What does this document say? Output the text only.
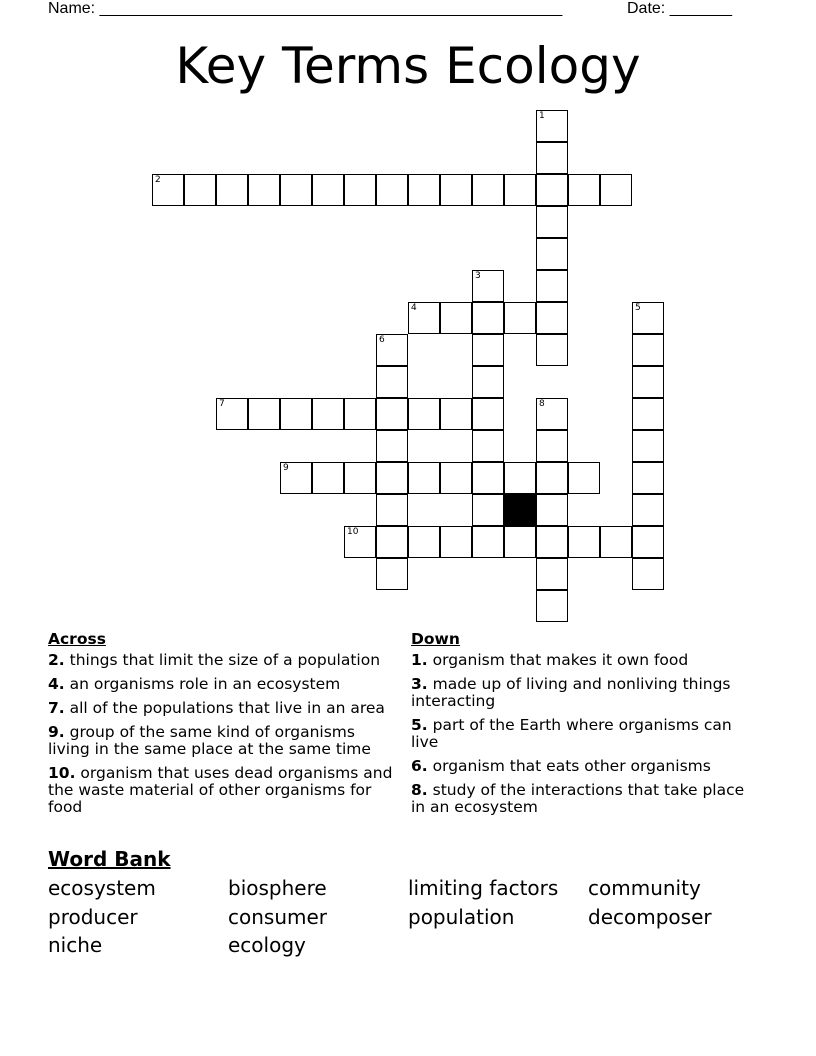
Name: ____________________________________________________	Date: _______
Key Terms Ecology
2
4
7
9
10
1
3
5
6
8
Across
2. things that limit the size of a population
4. an organisms role in an ecosystem
7. all of the populations that live in an area
9. group of the same kind of organisms living in the same place at the same time
10. organism that uses dead organisms and the waste material of other organisms for food
Down
1. organism that makes it own food
3. made up of living and nonliving things interacting
5. part of the Earth where organisms can live
6. organism that eats other organisms
8. study of the interactions that take place in an ecosystem
Word Bank
ecosystem	biosphere	limiting factors	community
producer	consumer	population	decomposer
niche	ecology
